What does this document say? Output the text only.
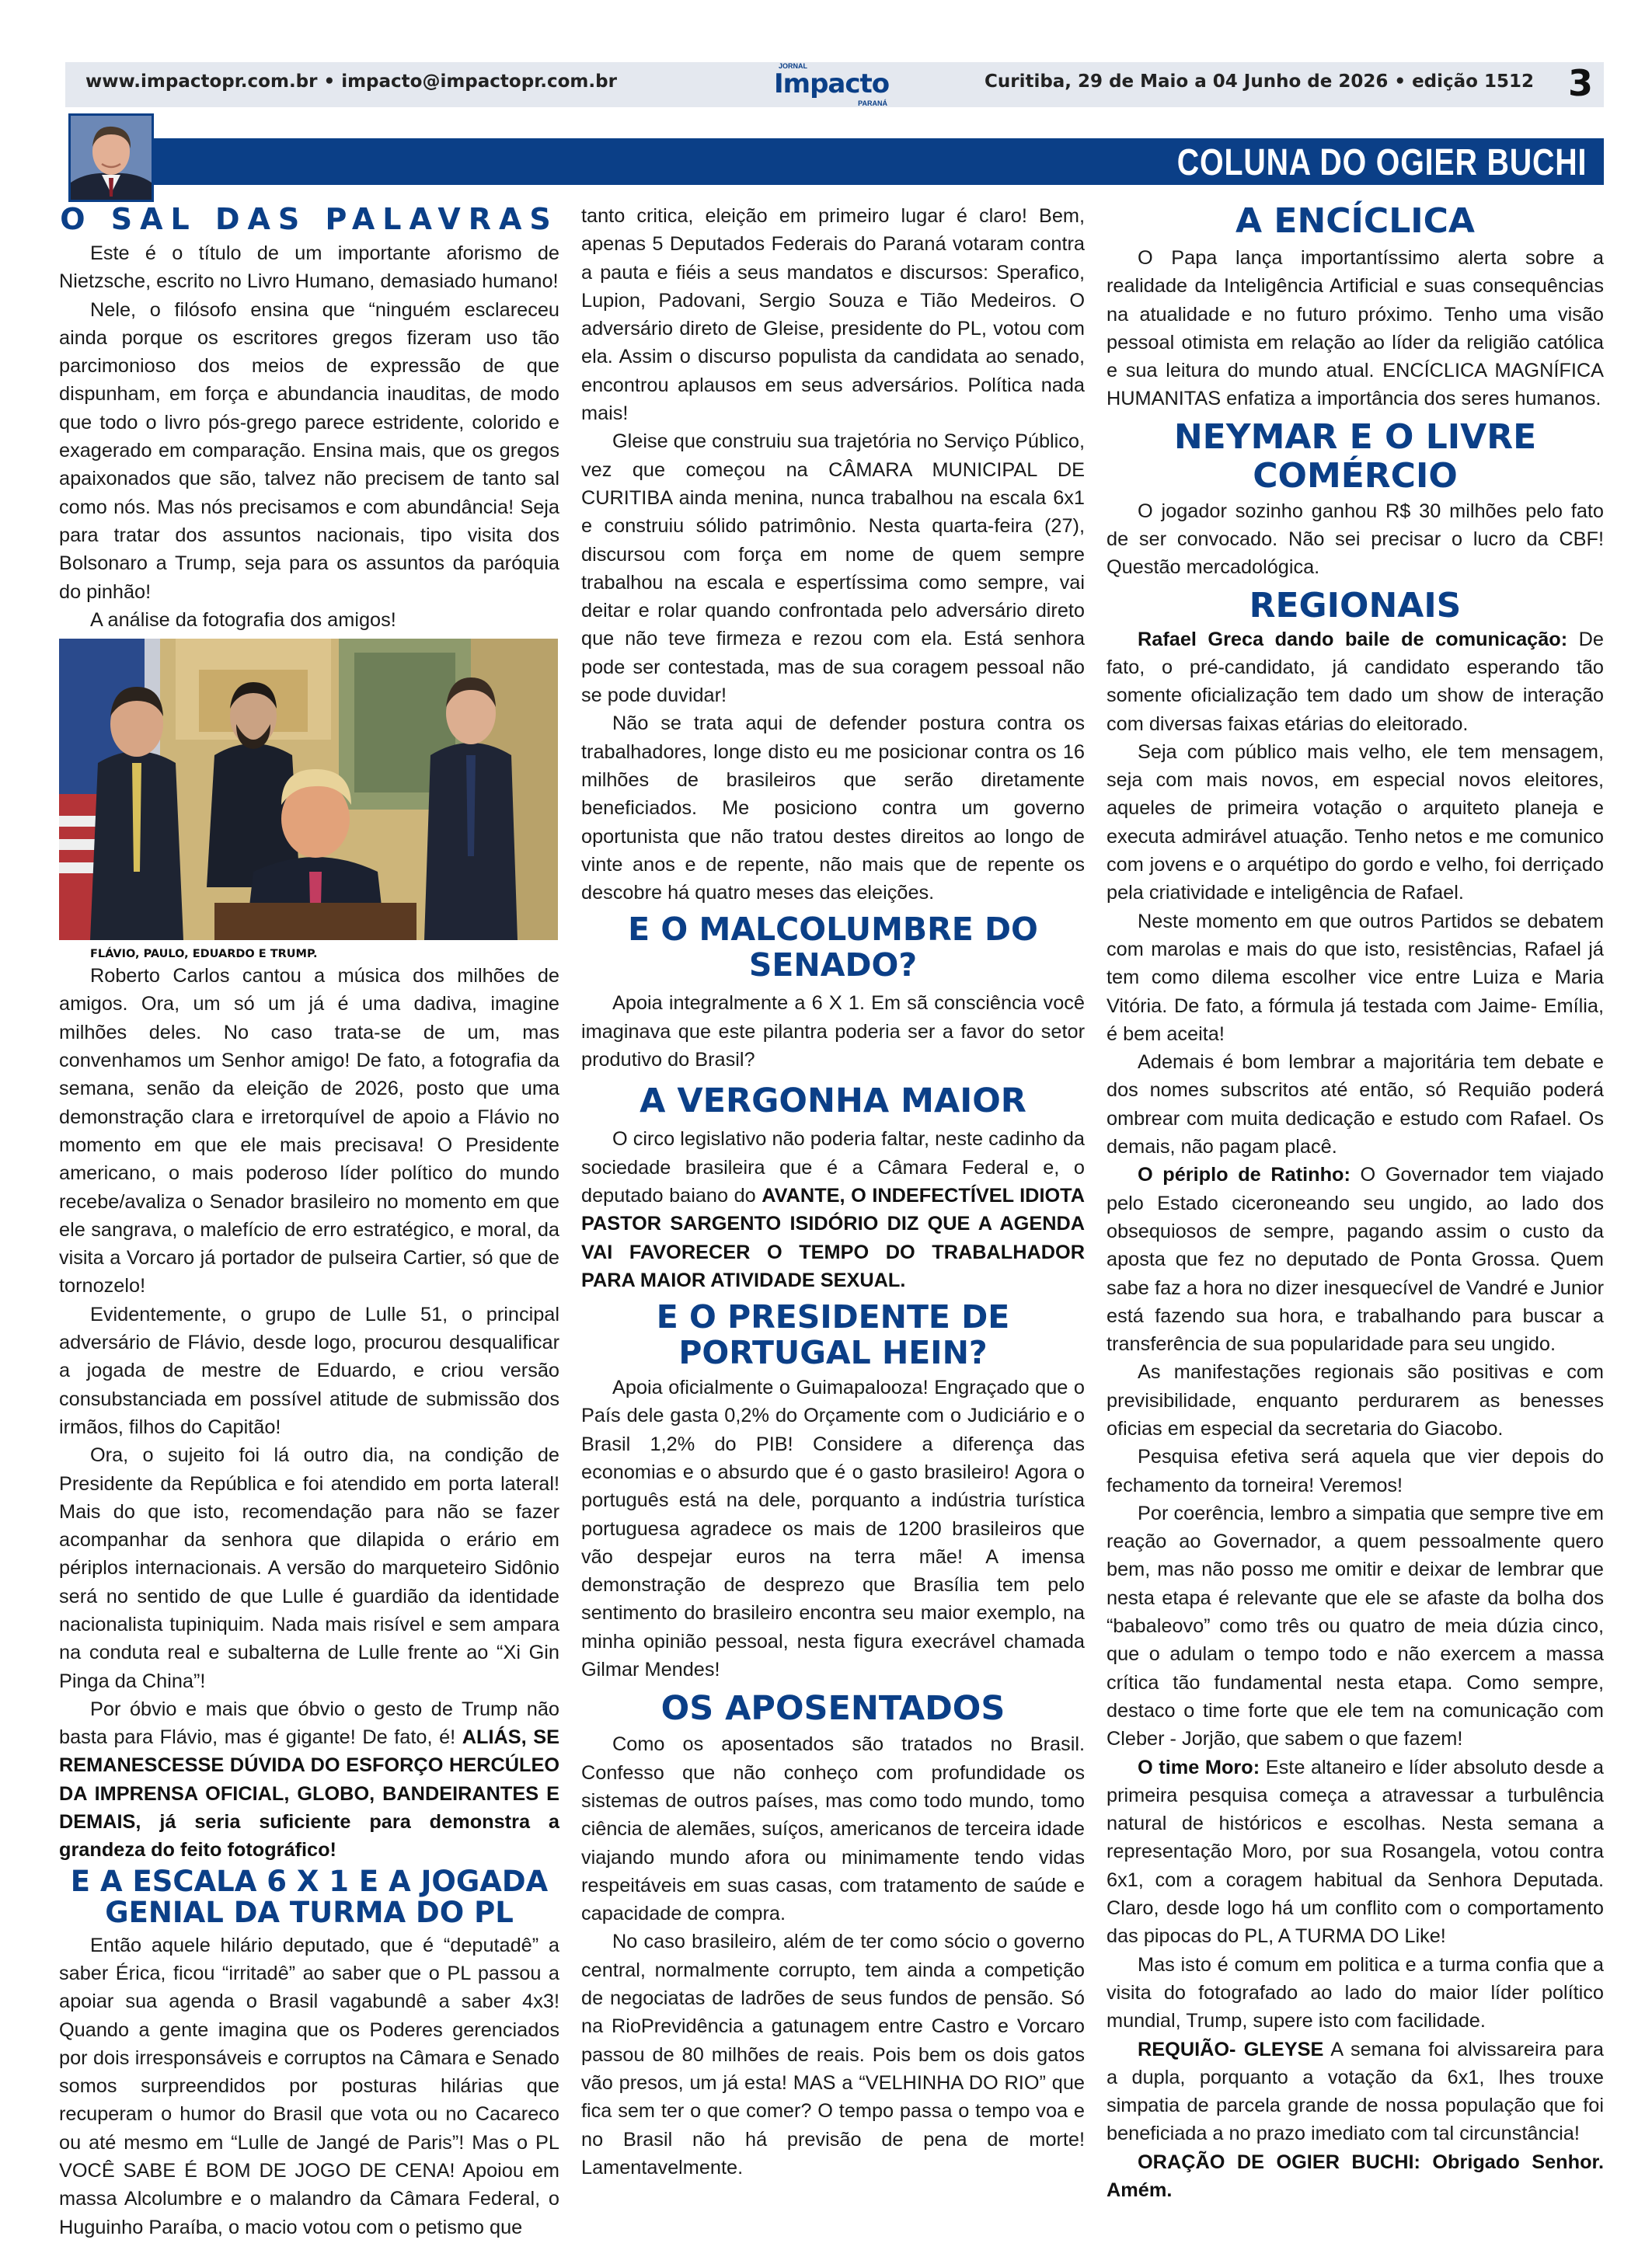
www.impactopr.com.br • impacto@impactopr.com.br	Curitiba, 29 de Maio a 04 Junho de 2026 • edição 1512 3
JORNAL
Impacto
PARANÁ
COLUNA DO OGIER BUCHI
O SAL DAS PALAVRAS

Este é o título de um importante aforismo de Nietzsche, escrito no Livro Humano, demasiado humano!

Nele, o filósofo ensina que “ninguém esclareceu ainda porque os escritores gregos fizeram uso tão parcimonioso dos meios de expressão de que dispunham, em força e abundancia inauditas, de modo que todo o livro pós-grego parece estridente, colorido e exagerado em comparação. Ensina mais, que os gregos apaixonados que são, talvez não precisem de tanto sal como nós. Mas nós precisamos e com abundância! Seja para tratar dos assuntos nacionais, tipo visita dos Bolsonaro a Trump, seja para os assuntos da paróquia do pinhão!

A análise da fotografia dos amigos!

FLÁVIO, PAULO, EDUARDO E TRUMP.

Roberto Carlos cantou a música dos milhões de amigos. Ora, um só um já é uma dadiva, imagine milhões deles. No caso trata-se de um, mas convenhamos um Senhor amigo! De fato, a fotografia da semana, senão da eleição de 2026, posto que uma demonstração clara e irretorquível de apoio a Flávio no momento em que ele mais precisava! O Presidente americano, o mais poderoso líder político do mundo recebe/avaliza o Senador brasileiro no momento em que ele sangrava, o malefício de erro estratégico, e moral, da visita a Vorcaro já portador de pulseira Cartier, só que de tornozelo!

Evidentemente, o grupo de Lulle 51, o principal adversário de Flávio, desde logo, procurou desqualificar a jogada de mestre de Eduardo, e criou versão consubstanciada em possível atitude de submissão dos irmãos, filhos do Capitão!

Ora, o sujeito foi lá outro dia, na condição de Presidente da República e foi atendido em porta lateral! Mais do que isto, recomendação para não se fazer acompanhar da senhora que dilapida o erário em périplos internacionais. A versão do marqueteiro Sidônio será no sentido de que Lulle é guardião da identidade nacionalista tupiniquim. Nada mais risível e sem ampara na conduta real e subalterna de Lulle frente ao “Xi Gin Pinga da China”!

Por óbvio e mais que óbvio o gesto de Trump não basta para Flávio, mas é gigante! De fato, é! ALIÁS, SE REMANESCESSE DÚVIDA DO ESFORÇO HERCÚLEO DA IMPRENSA OFICIAL, GLOBO, BANDEIRANTES E DEMAIS, já seria suficiente para demonstra a grandeza do feito fotográfico!

E A ESCALA 6 X 1 E A JOGADA GENIAL DA TURMA DO PL

Então aquele hilário deputado, que é “deputadê” a saber Érica, ficou “irritadê” ao saber que o PL passou a apoiar sua agenda o Brasil vagabundê a saber 4x3! Quando a gente imagina que os Poderes gerenciados por dois irresponsáveis e corruptos na Câmara e Senado somos surpreendidos por posturas hilárias que recuperam o humor do Brasil que vota ou no Cacareco ou até mesmo em “Lulle de Jangé de Paris”! Mas o PL VOCÊ SABE É BOM DE JOGO DE CENA! Apoiou em massa Alcolumbre e o malandro da Câmara Federal, o Huguinho Paraíba, o macio votou com o petismo que

tanto critica, eleição em primeiro lugar é claro! Bem, apenas 5 Deputados Federais do Paraná votaram contra a pauta e fiéis a seus mandatos e discursos: Sperafico, Lupion, Padovani, Sergio Souza e Tião Medeiros. O adversário direto de Gleise, presidente do PL, votou com ela. Assim o discurso populista da candidata ao senado, encontrou aplausos em seus adversários. Política nada mais!

Gleise que construiu sua trajetória no Serviço Público, vez que começou na CÂMARA MUNICIPAL DE CURITIBA ainda menina, nunca trabalhou na escala 6x1 e construiu sólido patrimônio. Nesta quarta-feira (27), discursou com força em nome de quem sempre trabalhou na escala e espertíssima como sempre, vai deitar e rolar quando confrontada pelo adversário direto que não teve firmeza e rezou com ela. Está senhora pode ser contestada, mas de sua coragem pessoal não se pode duvidar!

Não se trata aqui de defender postura contra os trabalhadores, longe disto eu me posicionar contra os 16 milhões de brasileiros que serão diretamente beneficiados. Me posiciono contra um governo oportunista que não tratou destes direitos ao longo de vinte anos e de repente, não mais que de repente os descobre há quatro meses das eleições.

E O MALCOLUMBRE DO SENADO?

Apoia integralmente a 6 X 1. Em sã consciência você imaginava que este pilantra poderia ser a favor do setor produtivo do Brasil?

A VERGONHA MAIOR

O circo legislativo não poderia faltar, neste cadinho da sociedade brasileira que é a Câmara Federal e, o deputado baiano do AVANTE, O INDEFECTÍVEL IDIOTA PASTOR SARGENTO ISIDÓRIO DIZ QUE A AGENDA VAI FAVORECER O TEMPO DO TRABALHADOR PARA MAIOR ATIVIDADE SEXUAL.

E O PRESIDENTE DE PORTUGAL HEIN?

Apoia oficialmente o Guimapalooza! Engraçado que o País dele gasta 0,2% do Orçamente com o Judiciário e o Brasil 1,2% do PIB! Considere a diferença das economias e o absurdo que é o gasto brasileiro! Agora o português está na dele, porquanto a indústria turística portuguesa agradece os mais de 1200 brasileiros que vão despejar euros na terra mãe! A imensa demonstração de desprezo que Brasília tem pelo sentimento do brasileiro encontra seu maior exemplo, na minha opinião pessoal, nesta figura execrável chamada Gilmar Mendes!

OS APOSENTADOS

Como os aposentados são tratados no Brasil. Confesso que não conheço com profundidade os sistemas de outros países, mas como todo mundo, tomo ciência de alemães, suíços, americanos de terceira idade viajando mundo afora ou minimamente tendo vidas respeitáveis em suas casas, com tratamento de saúde e capacidade de compra.

No caso brasileiro, além de ter como sócio o governo central, normalmente corrupto, tem ainda a competição de negociatas de ladrões de seus fundos de pensão. Só na RioPrevidência a gatunagem entre Castro e Vorcaro passou de 80 milhões de reais. Pois bem os dois gatos vão presos, um já esta! MAS a “VELHINHA DO RIO” que fica sem ter o que comer? O tempo passa o tempo voa e no Brasil não há previsão de pena de morte! Lamentavelmente.

A ENCÍCLICA

O Papa lança importantíssimo alerta sobre a realidade da Inteligência Artificial e suas consequências na atualidade e no futuro próximo. Tenho uma visão pessoal otimista em relação ao líder da religião católica e sua leitura do mundo atual. ENCÍCLICA MAGNÍFICA HUMANITAS enfatiza a importância dos seres humanos.

NEYMAR E O LIVRE COMÉRCIO

O jogador sozinho ganhou R$ 30 milhões pelo fato de ser convocado. Não sei precisar o lucro da CBF! Questão mercadológica.

REGIONAIS

Rafael Greca dando baile de comunicação: De fato, o pré-candidato, já candidato esperando tão somente oficialização tem dado um show de interação com diversas faixas etárias do eleitorado.

Seja com público mais velho, ele tem mensagem, seja com mais novos, em especial novos eleitores, aqueles de primeira votação o arquiteto planeja e executa admirável atuação. Tenho netos e me comunico com jovens e o arquétipo do gordo e velho, foi derriçado pela criatividade e inteligência de Rafael.

Neste momento em que outros Partidos se debatem com marolas e mais do que isto, resistências, Rafael já tem como dilema escolher vice entre Luiza e Maria Vitória. De fato, a fórmula já testada com Jaime- Emília, é bem aceita!

Ademais é bom lembrar a majoritária tem debate e dos nomes subscritos até então, só Requião poderá ombrear com muita dedicação e estudo com Rafael. Os demais, não pagam placê.

O périplo de Ratinho: O Governador tem viajado pelo Estado ciceroneando seu ungido, ao lado dos obsequiosos de sempre, pagando assim o custo da aposta que fez no deputado de Ponta Grossa. Quem sabe faz a hora no dizer inesquecível de Vandré e Junior está fazendo sua hora, e trabalhando para buscar a transferência de sua popularidade para seu ungido.

As manifestações regionais são positivas e com previsibilidade, enquanto perdurarem as benesses oficias em especial da secretaria do Giacobo.

Pesquisa efetiva será aquela que vier depois do fechamento da torneira! Veremos!

Por coerência, lembro a simpatia que sempre tive em reação ao Governador, a quem pessoalmente quero bem, mas não posso me omitir e deixar de lembrar que nesta etapa é relevante que ele se afaste da bolha dos “babaleovo” como três ou quatro de meia dúzia cinco, que o adulam o tempo todo e não exercem a massa crítica tão fundamental nesta etapa. Como sempre, destaco o time forte que ele tem na comunicação com Cleber - Jorjão, que sabem o que fazem!

O time Moro: Este altaneiro e líder absoluto desde a primeira pesquisa começa a atravessar a turbulência natural de históricos e escolhas. Nesta semana a representação Moro, por sua Rosangela, votou contra 6x1, com a coragem habitual da Senhora Deputada. Claro, desde logo há um conflito com o comportamento das pipocas do PL, A TURMA DO Like!

Mas isto é comum em politica e a turma confia que a visita do fotografado ao lado do maior líder político mundial, Trump, supere isto com facilidade.

REQUIÃO- GLEYSE A semana foi alvissareira para a dupla, porquanto a votação da 6x1, lhes trouxe simpatia de parcela grande de nossa população que foi beneficiada a no prazo imediato com tal circunstância!

ORAÇÃO DE OGIER BUCHI: Obrigado Senhor. Amém.
